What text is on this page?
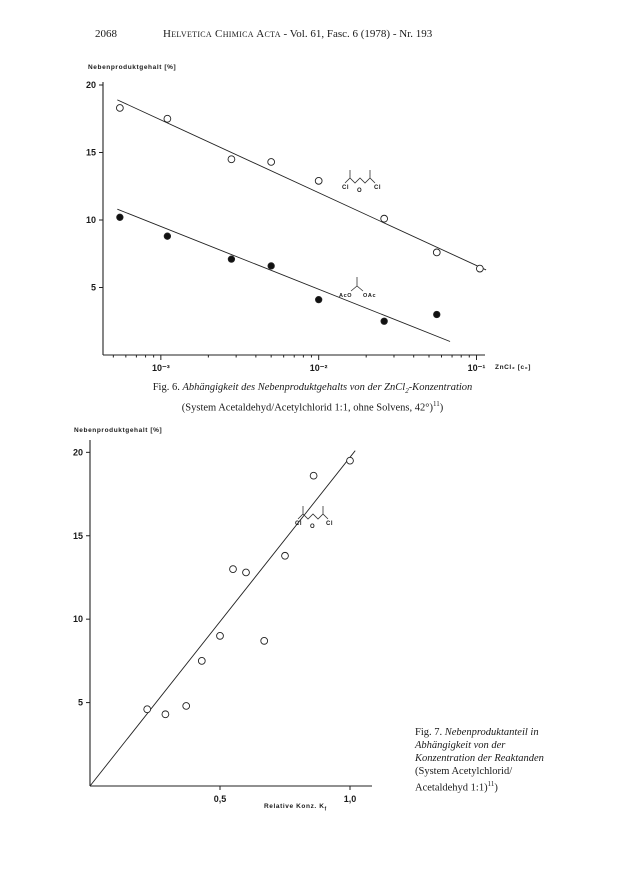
2068	Helvetica Chimica Acta - Vol. 61, Fasc. 6 (1978) - Nr. 193
Nebenproduktgehalt [%]
5
10
15
20
10⁻³	10⁻²	10⁻¹
5
10
15
20
0,5	1,0
ZnCl₂ [c₀]
Cl O Cl
AcO OAc
Fig. 6. Abhängigkeit des Nebenproduktgehalts von der ZnCl$_2$-Konzentration
(System Acetaldehyd/Acetylchlorid 1:1, ohne Solvens, 42°)$^{11}$)
Nebenproduktgehalt [%]
Relative Konz. $K_f$
Cl O Cl
Fig. 7. Nebenproduktanteil in
Abhängigkeit von der
Konzentration der Reaktanden
(System Acetylchlorid/
Acetaldehyd 1:1)$^{11}$)
